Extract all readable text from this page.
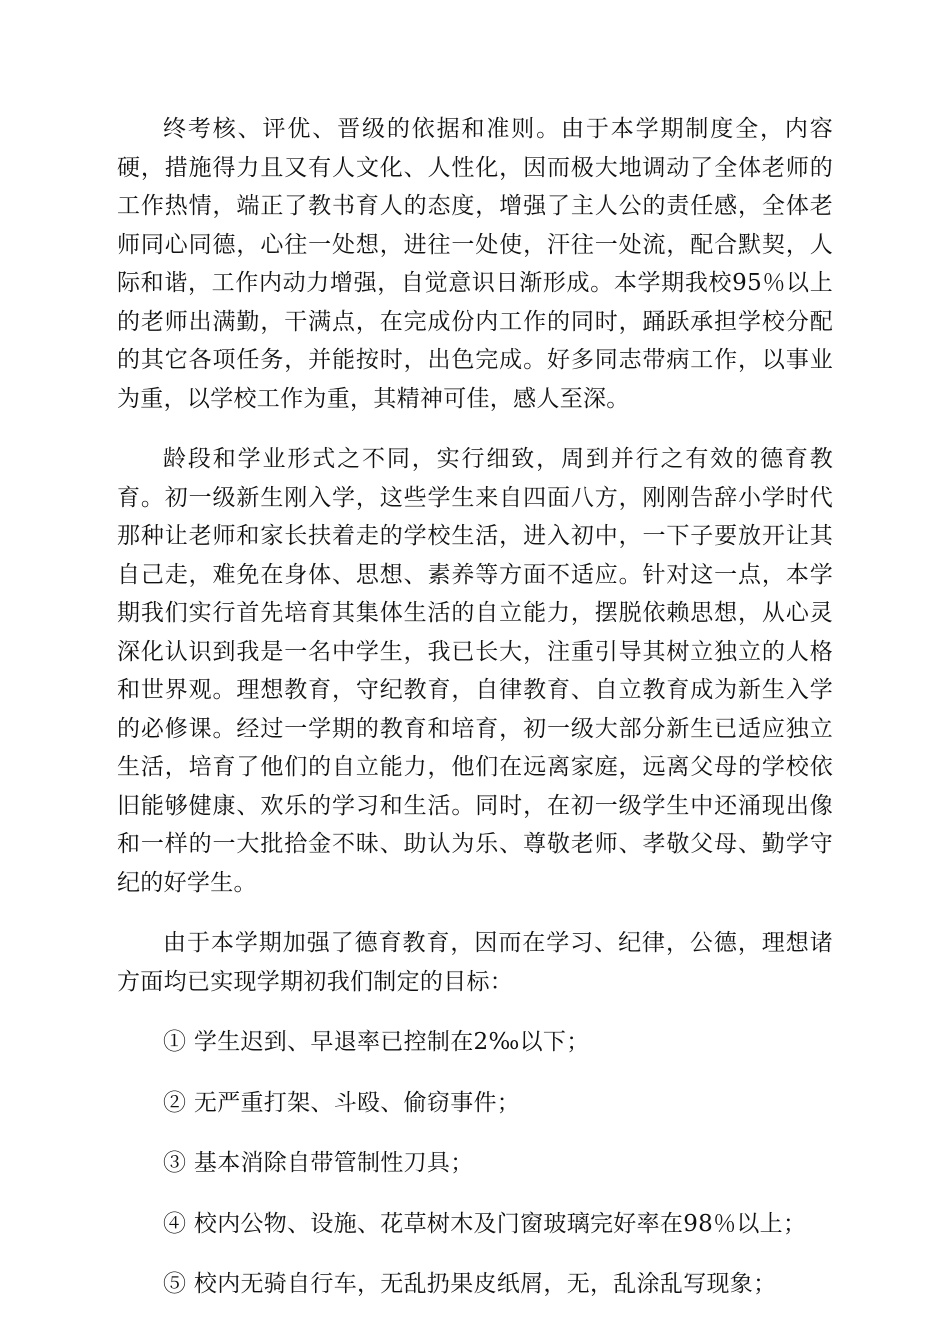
终考核、评优、晋级的依据和准则。由于本学期制度全，内容硬，措施得力且又有人文化、人性化，因而极大地调动了全体老师的工作热情，端正了教书育人的态度，增强了主人公的责任感，全体老师同心同德，心往一处想，进往一处使，汗往一处流，配合默契，人际和谐，工作内动力增强，自觉意识日渐形成。本学期我校95％以上的老师出满勤，干满点，在完成份内工作的同时，踊跃承担学校分配的其它各项任务，并能按时，出色完成。好多同志带病工作，以事业为重，以学校工作为重，其精神可佳，感人至深。

龄段和学业形式之不同，实行细致，周到并行之有效的德育教育。初一级新生刚入学，这些学生来自四面八方，刚刚告辞小学时代那种让老师和家长扶着走的学校生活，进入初中，一下子要放开让其自己走，难免在身体、思想、素养等方面不适应。针对这一点，本学期我们实行首先培育其集体生活的自立能力，摆脱依赖思想，从心灵深化认识到我是一名中学生，我已长大，注重引导其树立独立的人格和世界观。理想教育，守纪教育，自律教育、自立教育成为新生入学的必修课。经过一学期的教育和培育，初一级大部分新生已适应独立生活，培育了他们的自立能力，他们在远离家庭，远离父母的学校依旧能够健康、欢乐的学习和生活。同时，在初一级学生中还涌现出像和一样的一大批拾金不昧、助认为乐、尊敬老师、孝敬父母、勤学守纪的好学生。

由于本学期加强了德育教育，因而在学习、纪律，公德，理想诸方面均已实现学期初我们制定的目标：

① 学生迟到、早退率已控制在2‰以下；
② 无严重打架、斗殴、偷窃事件；
③ 基本消除自带管制性刀具；
④ 校内公物、设施、花草树木及门窗玻璃完好率在98％以上；
⑤ 校内无骑自行车，无乱扔果皮纸屑，无，乱涂乱写现象；
